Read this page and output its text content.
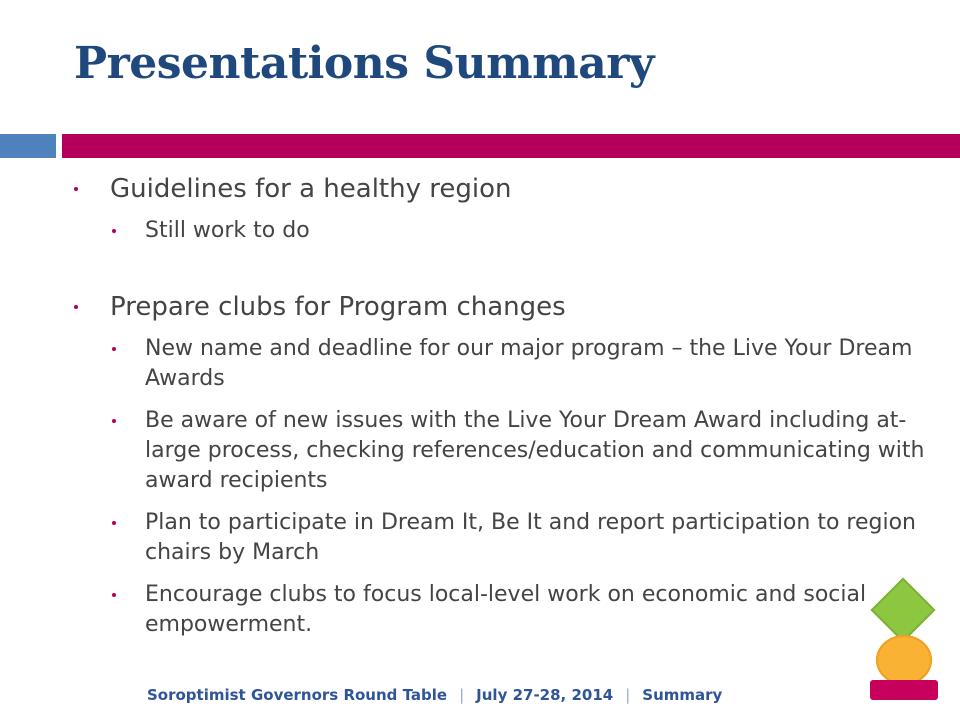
Presentations Summary
Guidelines for a healthy region
Still work to do
Prepare clubs for Program changes
New name and deadline for our major program – the Live Your Dream Awards
Be aware of new issues with the Live Your Dream Award including at-large process, checking references/education and communicating with award recipients
Plan to participate in Dream It, Be It and report participation to region chairs by March
Encourage clubs to focus local-level work on economic and social empowerment.
Soroptimist Governors Round Table | July 27-28, 2014 | Summary
